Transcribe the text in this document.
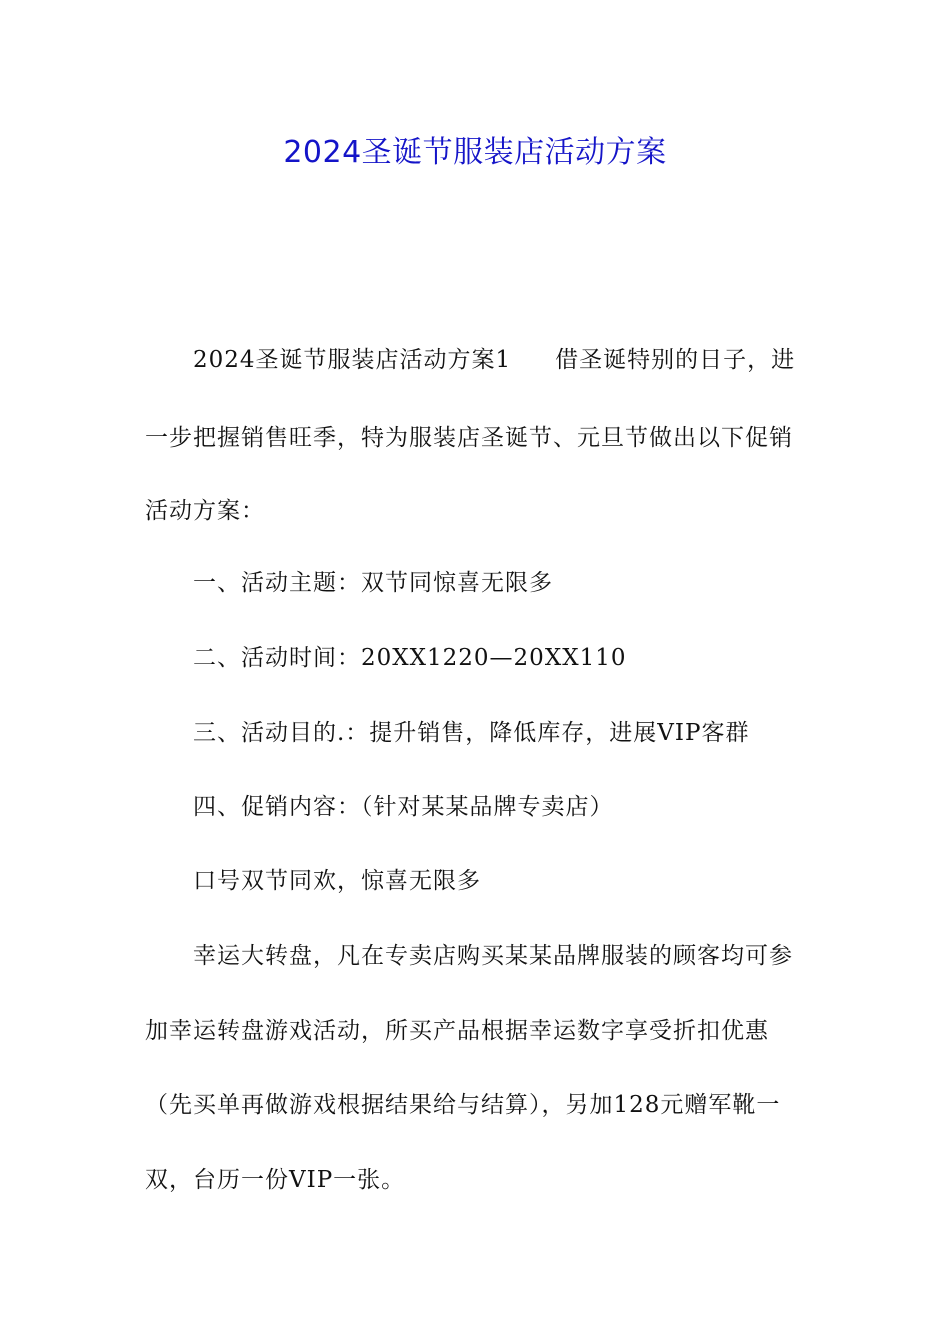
2024圣诞节服装店活动方案
2024圣诞节服装店活动方案1 借圣诞特别的日子，进
一步把握销售旺季，特为服装店圣诞节、元旦节做出以下促销
活动方案：
一、活动主题：双节同惊喜无限多
二、活动时间：20XX1220—20XX110
三、活动目的.：提升销售，降低库存，进展VIP客群
四、促销内容：（针对某某品牌专卖店）
口号双节同欢，惊喜无限多
幸运大转盘，凡在专卖店购买某某品牌服装的顾客均可参
加幸运转盘游戏活动，所买产品根据幸运数字享受折扣优惠
（先买单再做游戏根据结果给与结算），另加128元赠军靴一
双，台历一份VIP一张。
